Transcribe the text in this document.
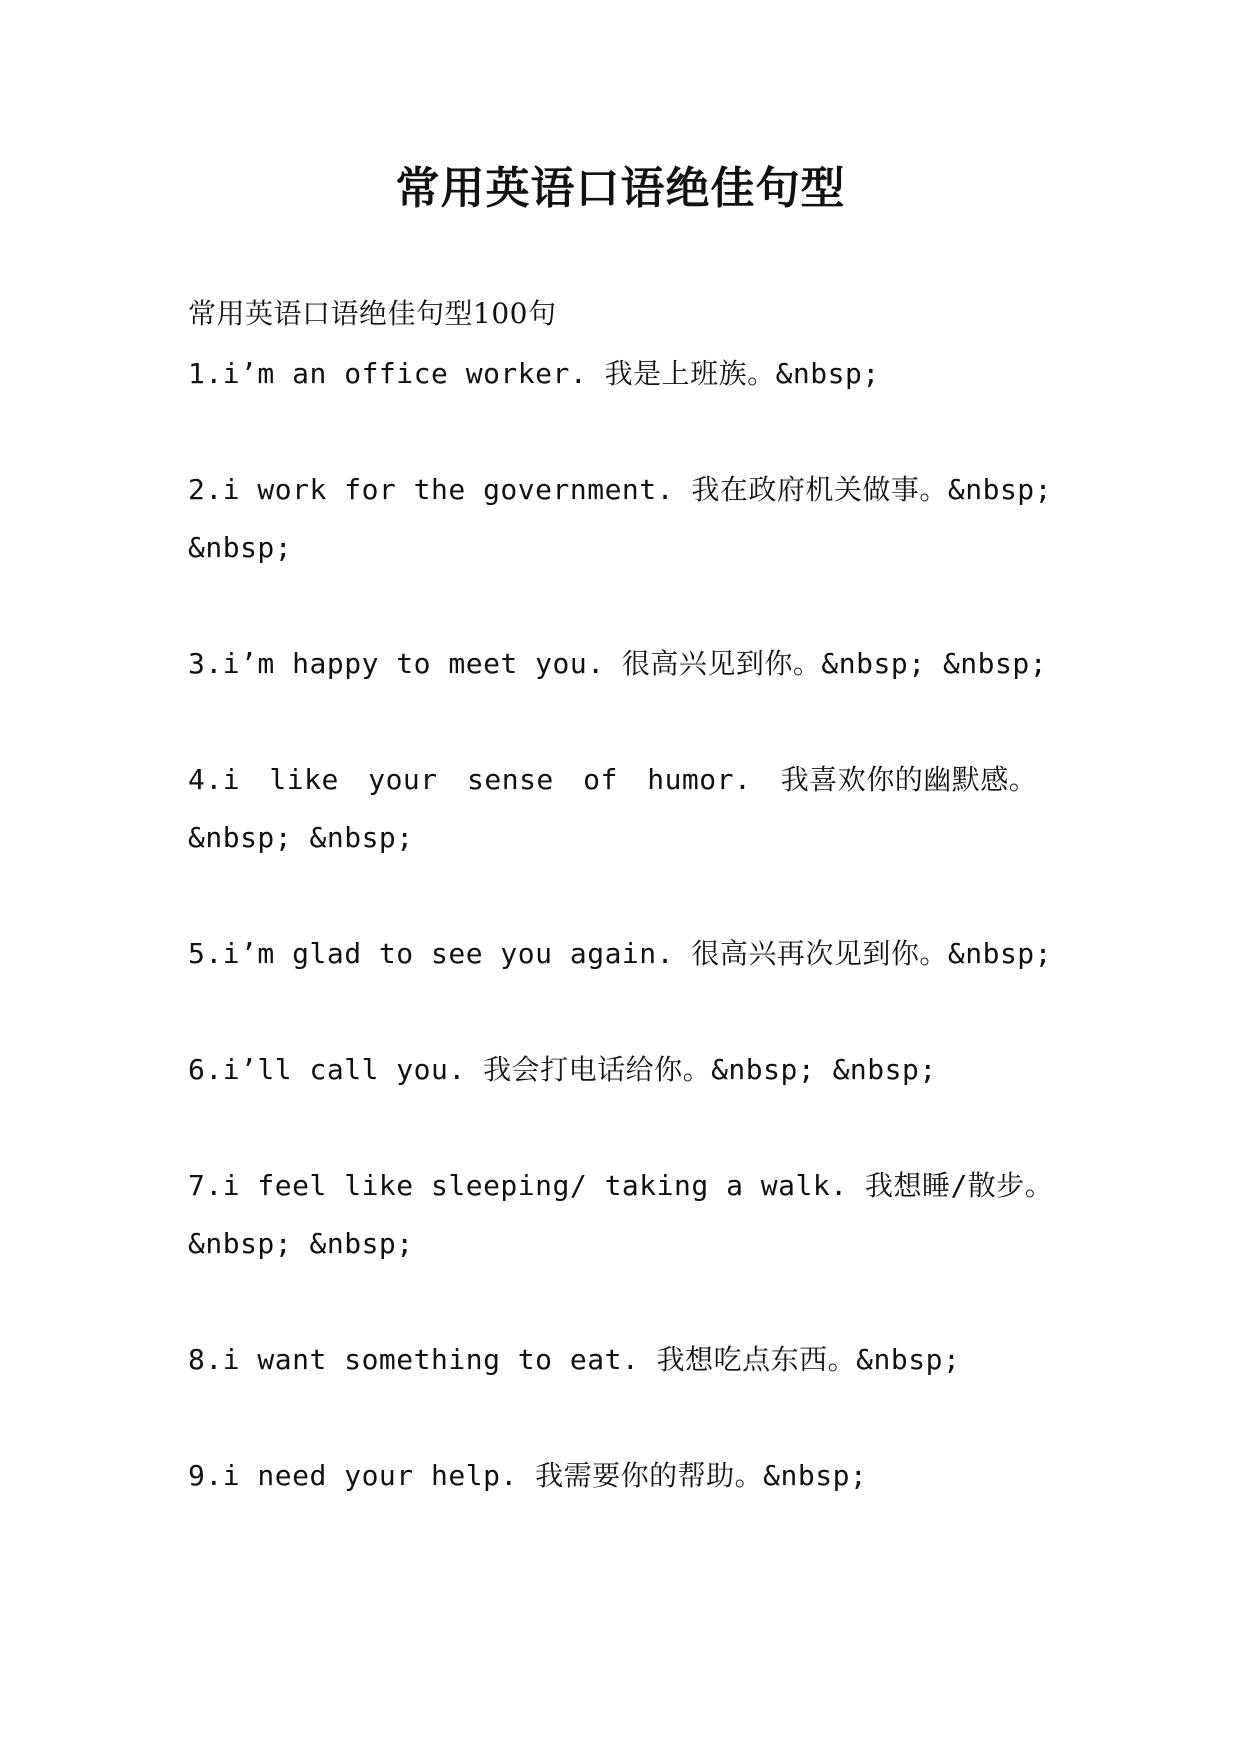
常用英语口语绝佳句型
常用英语口语绝佳句型100句
1.i’m an office worker. 我是上班族。&nbsp;
2.i work for the government. 我在政府机关做事。&nbsp;
&nbsp;
3.i’m happy to meet you. 很高兴见到你。&nbsp; &nbsp;
4.i like your sense of humor. 我喜欢你的幽默感。
&nbsp; &nbsp;
5.i’m glad to see you again. 很高兴再次见到你。&nbsp;
6.i’ll call you. 我会打电话给你。&nbsp; &nbsp;
7.i feel like sleeping/ taking a walk. 我想睡/散步。
&nbsp; &nbsp;
8.i want something to eat. 我想吃点东西。&nbsp;
9.i need your help. 我需要你的帮助。&nbsp;
